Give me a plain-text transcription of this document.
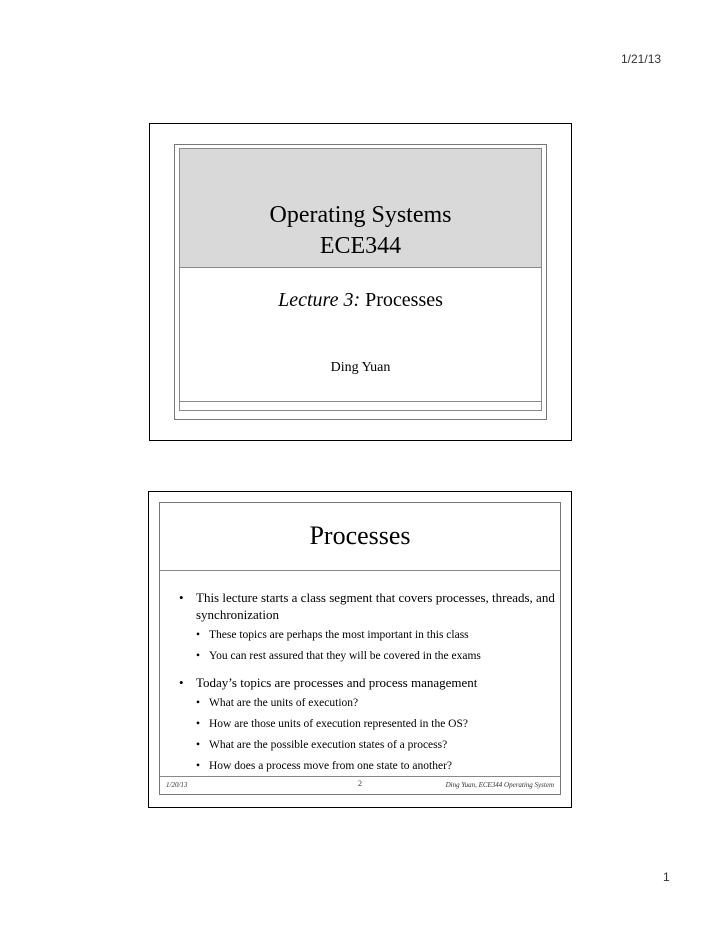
1/21/13
Operating Systems
ECE344
Lecture 3: Processes
Ding Yuan
Processes
• This lecture starts a class segment that covers processes, threads, and synchronization
• These topics are perhaps the most important in this class
• You can rest assured that they will be covered in the exams
• Today’s topics are processes and process management
• What are the units of execution?
• How are those units of execution represented in the OS?
• What are the possible execution states of a process?
• How does a process move from one state to another?
1/20/13	2	Ding Yuan, ECE344 Operating System
1
